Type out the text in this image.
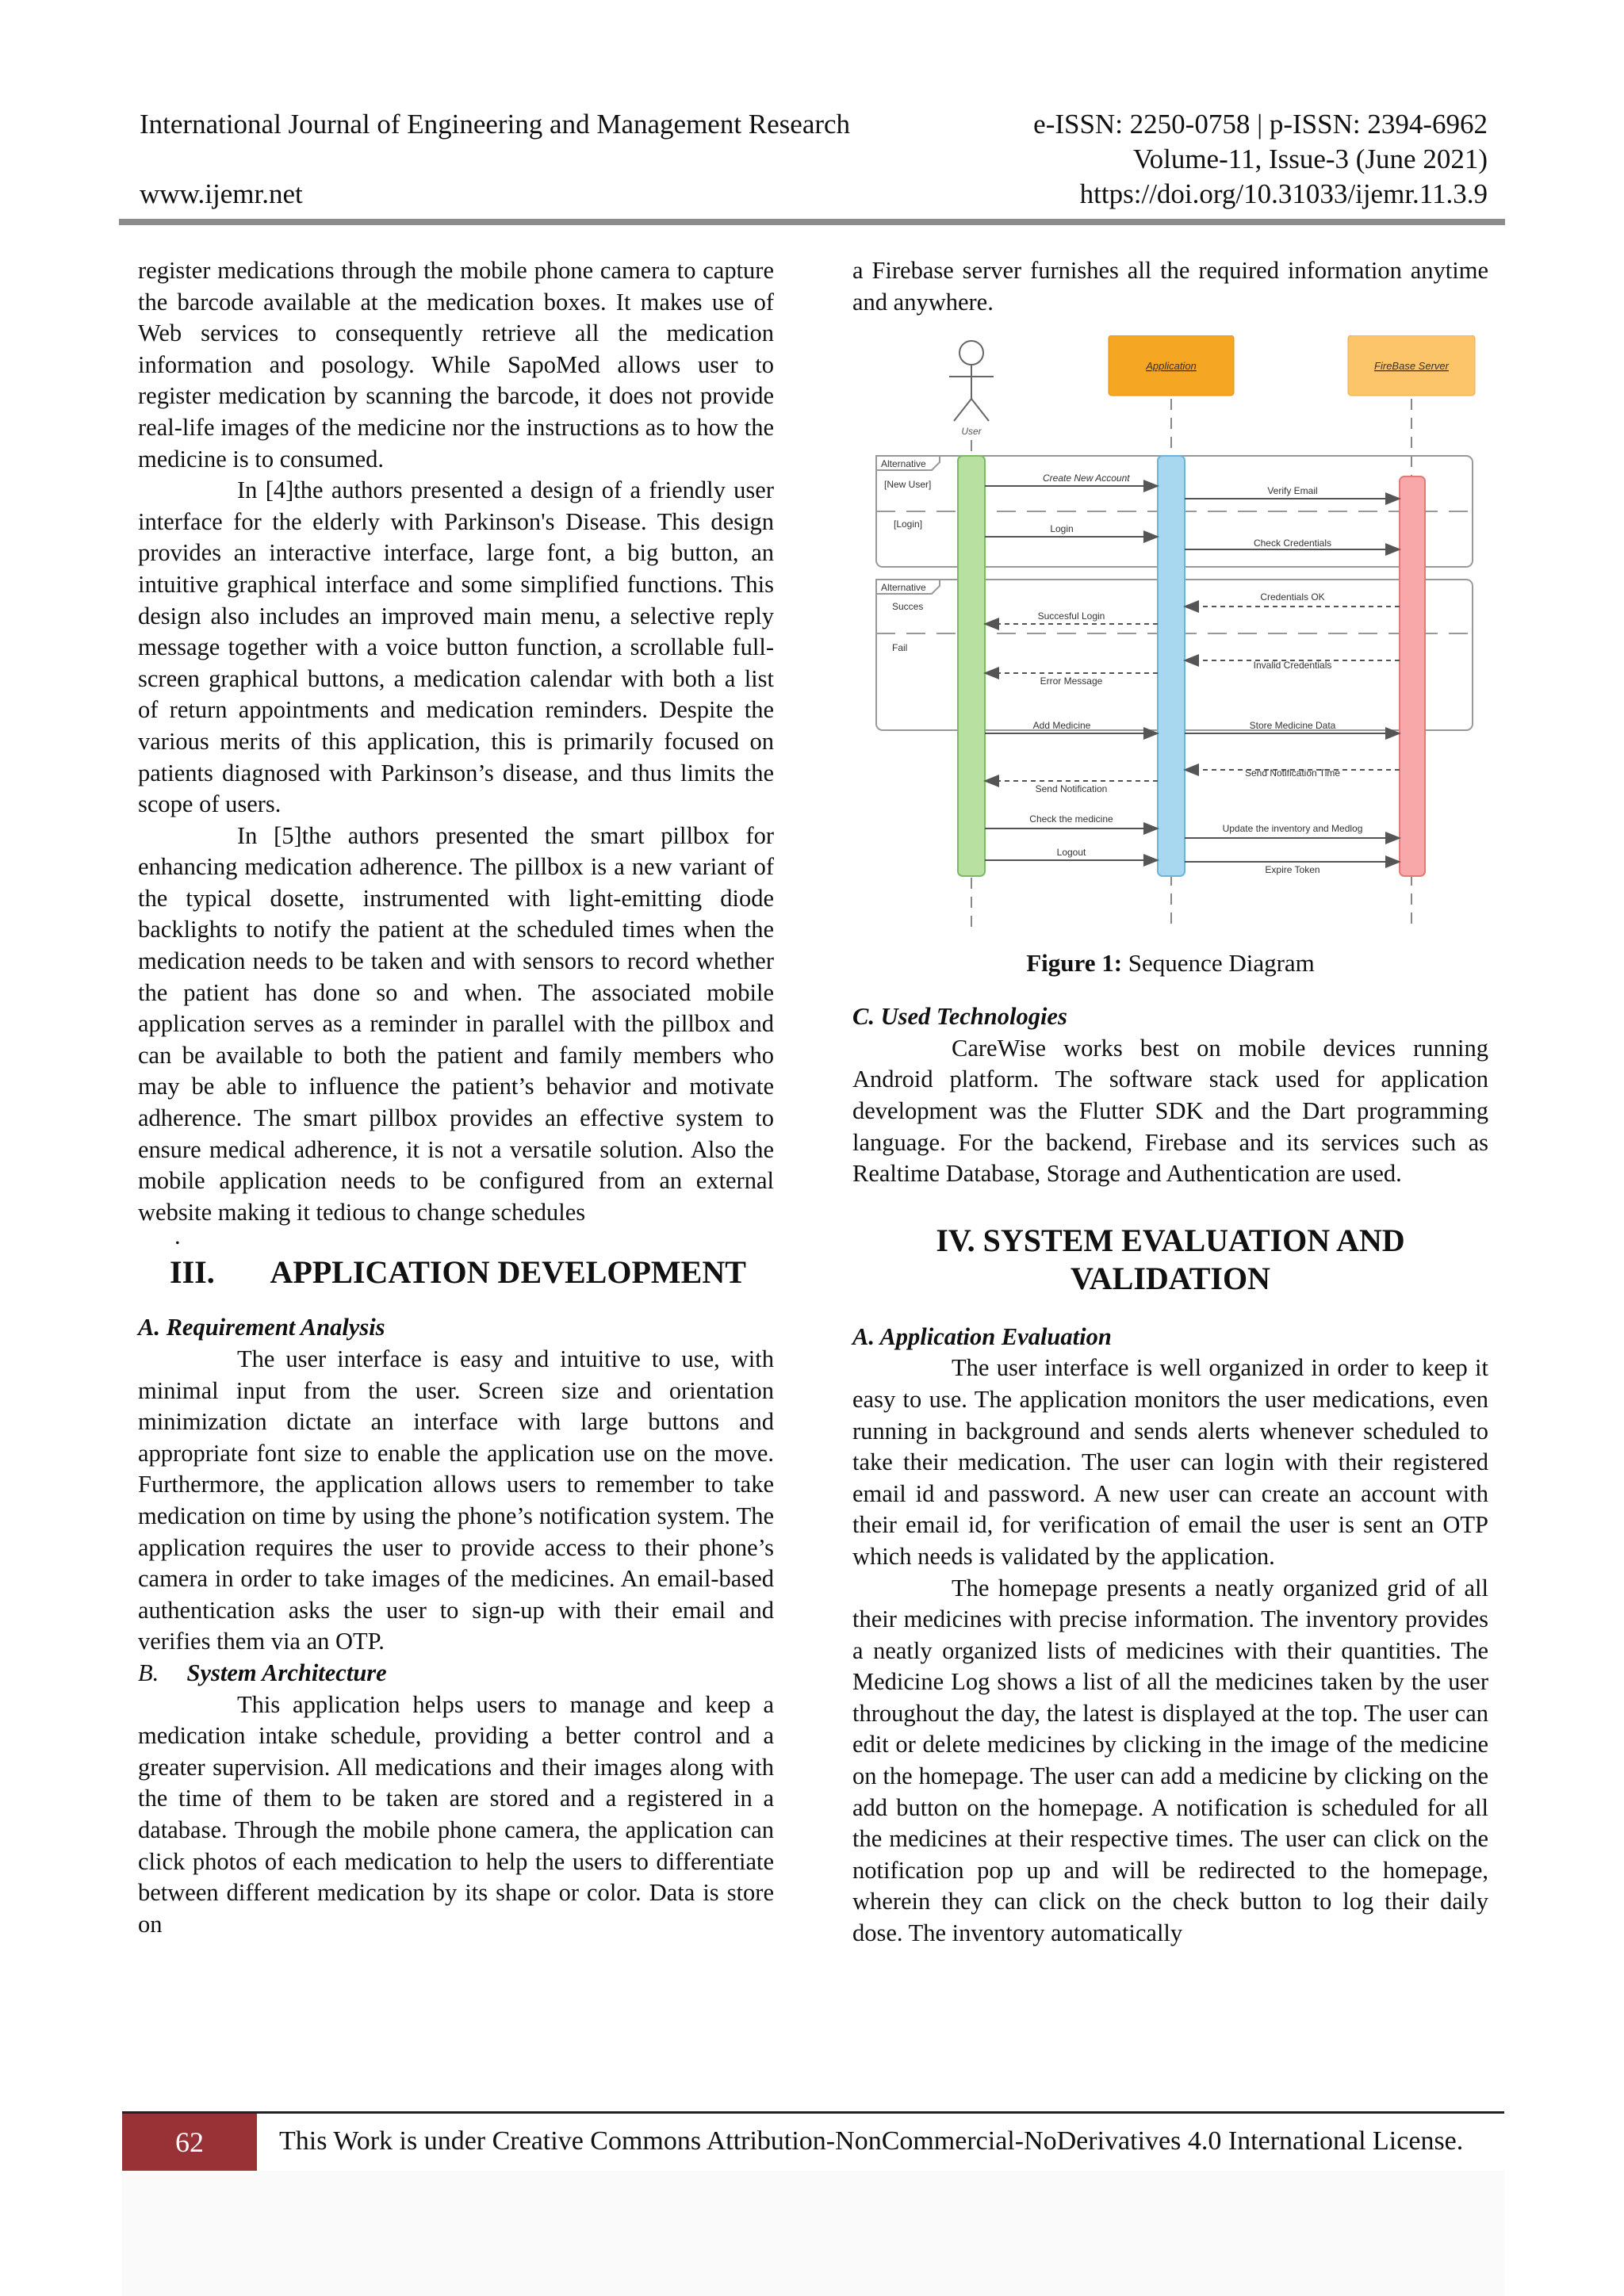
International Journal of Engineering and Management Research	e-ISSN: 2250-0758 | p-ISSN: 2394-6962
Volume-11, Issue-3 (June 2021)
www.ijemr.net	https://doi.org/10.31033/ijemr.11.3.9

register medications through the mobile phone camera to capture the barcode available at the medication boxes. It makes use of Web services to consequently retrieve all the medication information and posology. While SapoMed allows user to register medication by scanning the barcode, it does not provide real-life images of the medicine nor the instructions as to how the medicine is to consumed.

In [4]the authors presented a design of a friendly user interface for the elderly with Parkinson's Disease. This design provides an interactive interface, large font, a big button, an intuitive graphical interface and some simplified functions. This design also includes an improved main menu, a selective reply message together with a voice button function, a scrollable full-screen graphical buttons, a medication calendar with both a list of return appointments and medication reminders. Despite the various merits of this application, this is primarily focused on patients diagnosed with Parkinson’s disease, and thus limits the scope of users.

In [5]the authors presented the smart pillbox for enhancing medication adherence. The pillbox is a new variant of the typical dosette, instrumented with light-emitting diode backlights to notify the patient at the scheduled times when the medication needs to be taken and with sensors to record whether the patient has done so and when. The associated mobile application serves as a reminder in parallel with the pillbox and can be available to both the patient and family members who may be able to influence the patient’s behavior and motivate adherence. The smart pillbox provides an effective system to ensure medical adherence, it is not a versatile solution. Also the mobile application needs to be configured from an external website making it tedious to change schedules

.
III. APPLICATION DEVELOPMENT
A. Requirement Analysis

The user interface is easy and intuitive to use, with minimal input from the user. Screen size and orientation minimization dictate an interface with large buttons and appropriate font size to enable the application use on the move. Furthermore, the application allows users to remember to take medication on time by using the phone’s notification system. The application requires the user to provide access to their phone’s camera in order to take images of the medicines. An email-based authentication asks the user to sign-up with their email and verifies them via an OTP.

B. System Architecture

This application helps users to manage and keep a medication intake schedule, providing a better control and a greater supervision. All medications and their images along with the time of them to be taken are stored and a registered in a database. Through the mobile phone camera, the application can click photos of each medication to help the users to differentiate between different medication by its shape or color. Data is store on

a Firebase server furnishes all the required information anytime and anywhere.

User
Application	FireBase Server
Alternative
[New User]
[Login]
Alternative
Succes
Fail
Create New Account
Verify Email
Login
Check Credentials
Credentials OK
Succesful Login
Invalid Credentials
Error Message
Add Medicine	Store Medicine Data
Send Notification Time
Send Notification
Check the medicine
Update the inventory and Medlog
Logout
Expire Token
Figure 1: Sequence Diagram
C. Used Technologies

CareWise works best on mobile devices running Android platform. The software stack used for application development was the Flutter SDK and the Dart programming language. For the backend, Firebase and its services such as Realtime Database, Storage and Authentication are used.

IV. SYSTEM EVALUATION AND
VALIDATION
A. Application Evaluation

The user interface is well organized in order to keep it easy to use. The application monitors the user medications, even running in background and sends alerts whenever scheduled to take their medication. The user can login with their registered email id and password. A new user can create an account with their email id, for verification of email the user is sent an OTP which needs is validated by the application.

The homepage presents a neatly organized grid of all their medicines with precise information. The inventory provides a neatly organized lists of medicines with their quantities. The Medicine Log shows a list of all the medicines taken by the user throughout the day, the latest is displayed at the top. The user can edit or delete medicines by clicking in the image of the medicine on the homepage. The user can add a medicine by clicking on the add button on the homepage. A notification is scheduled for all the medicines at their respective times. The user can click on the notification pop up and will be redirected to the homepage, wherein they can click on the check button to log their daily dose. The inventory automatically

62	This Work is under Creative Commons Attribution-NonCommercial-NoDerivatives 4.0 International License.
